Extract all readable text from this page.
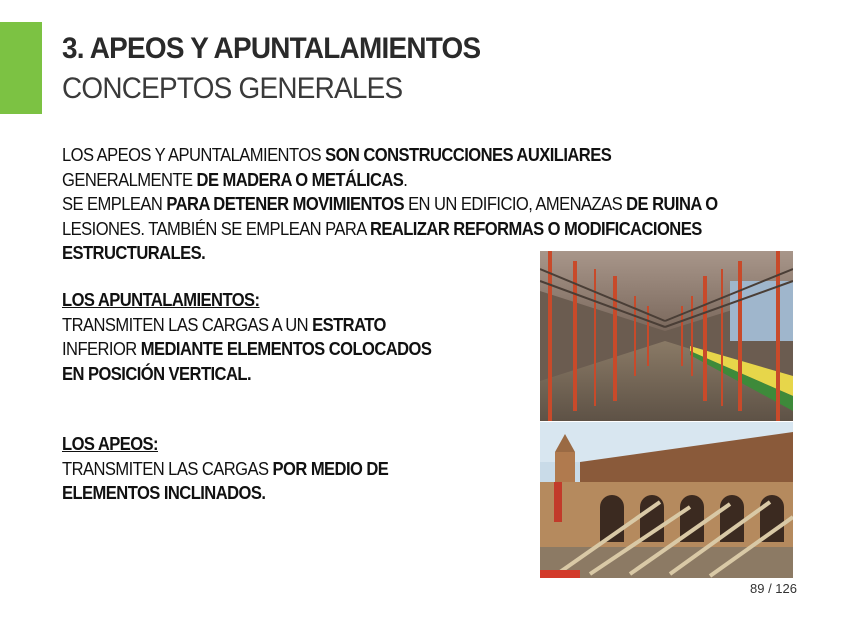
3. APEOS Y APUNTALAMIENTOS
CONCEPTOS GENERALES
LOS APEOS Y APUNTALAMIENTOS SON CONSTRUCCIONES AUXILIARES
GENERALMENTE DE MADERA O METÁLICAS.
SE EMPLEAN PARA DETENER MOVIMIENTOS EN UN EDIFICIO, AMENAZAS DE RUINA O
LESIONES. TAMBIÉN SE EMPLEAN PARA REALIZAR REFORMAS O MODIFICACIONES
ESTRUCTURALES.
LOS APUNTALAMIENTOS:
TRANSMITEN LAS CARGAS A UN ESTRATO
INFERIOR MEDIANTE ELEMENTOS COLOCADOS
EN POSICIÓN VERTICAL.
LOS APEOS:
TRANSMITEN LAS CARGAS POR MEDIO DE
ELEMENTOS INCLINADOS.
89 / 126
